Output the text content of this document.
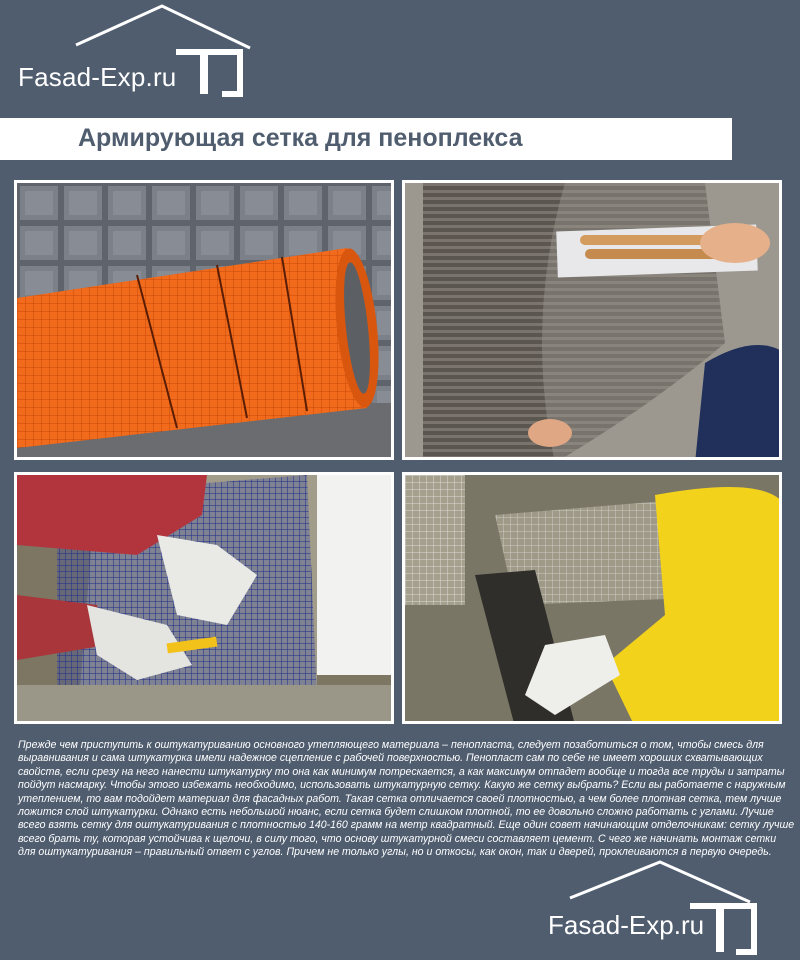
Fasad-Exp.ru
Армирующая сетка для пеноплекса

Прежде чем приступить к оштукатуриванию основного утепляющего материала – пенопласта, следует позаботиться о том, чтобы смесь для выравнивания и сама штукатурка имели надежное сцепление с рабочей поверхностью. Пенопласт сам по себе не имеет хороших схватывающих свойств, если срезу на него нанести штукатурку то она как минимум потрескается, а как максимум отпадет вообще и тогда все труды и затраты пойдут насмарку. Чтобы этого избежать необходимо, использовать штукатурную сетку. Какую же сетку выбрать? Если вы работаете с наружным утеплением, то вам подойдет материал для фасадных работ. Такая сетка отличается своей плотностью, а чем более плотная сетка, тем лучше ложится слой штукатурки. Однако есть небольшой нюанс, если сетка будет слишком плотной, то ее довольно сложно работать с углами. Лучше всего взять сетку для оштукатуривания с плотностью 140-160 грамм на метр квадратный. Еще один совет начинающим отделочникам: сетку лучше всего брать ту, которая устойчива к щелочи, в силу того, что основу штукатурной смеси составляет цемент. С чего же начинать монтаж сетки для оштукатуривания – правильный ответ с углов. Причем не только углы, но и откосы, как окон, так и дверей, проклеиваются в первую очередь.

Fasad-Exp.ru
